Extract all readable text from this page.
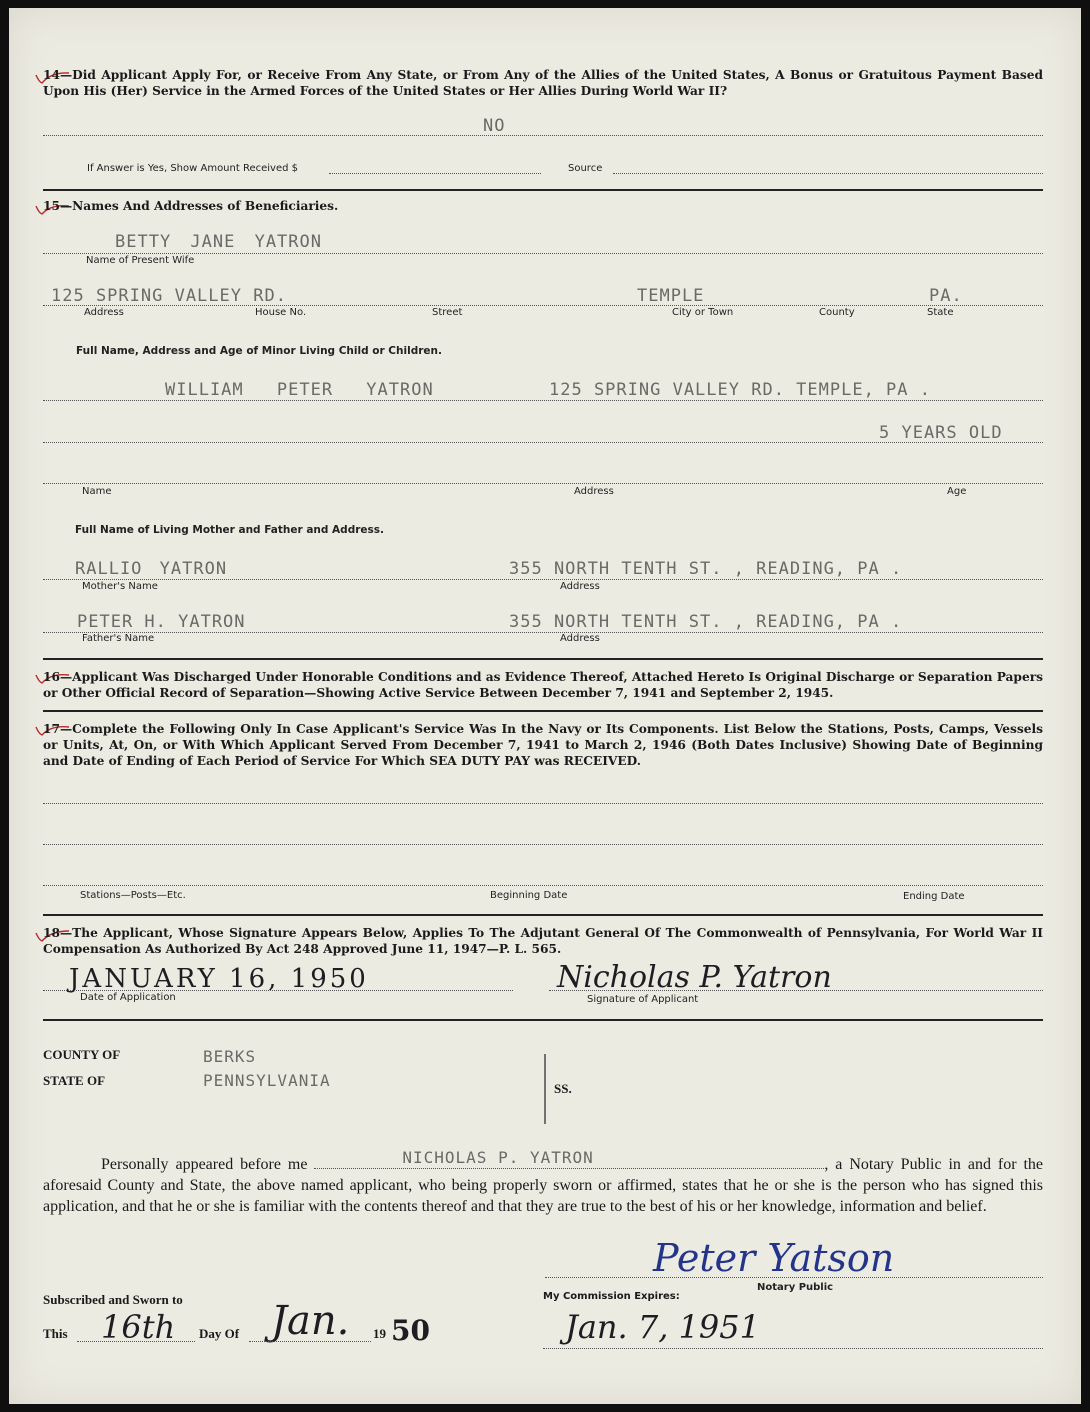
14—Did Applicant Apply For, or Receive From Any State, or From Any of the Allies of the United States, A Bonus or Gratuitous Payment Based Upon His (Her) Service in the Armed Forces of the United States or Her Allies During World War II?
NO
If Answer is Yes, Show Amount Received $	Source
15—Names And Addresses of Beneficiaries.
BETTY JANE YATRON
Name of Present Wife
125 SPRING VALLEY RD.	TEMPLE	PA.
Address	House No.	Street	City or Town	County	State
Full Name, Address and Age of Minor Living Child or Children.
WILLIAM PETER YATRON	125 SPRING VALLEY RD. TEMPLE, PA .
5 YEARS OLD
Name	Address	Age
Full Name of Living Mother and Father and Address.
RALLIO YATRON	355 NORTH TENTH ST. , READING, PA .
Mother's Name	Address
PETER H. YATRON	355 NORTH TENTH ST. , READING, PA .
Father's Name	Address
16—Applicant Was Discharged Under Honorable Conditions and as Evidence Thereof, Attached Hereto Is Original Discharge or Separation Papers or Other Official Record of Separation—Showing Active Service Between December 7, 1941 and September 2, 1945.
17—Complete the Following Only In Case Applicant's Service Was In the Navy or Its Components. List Below the Stations, Posts, Camps, Vessels or Units, At, On, or With Which Applicant Served From December 7, 1941 to March 2, 1946 (Both Dates Inclusive) Showing Date of Beginning and Date of Ending of Each Period of Service For Which SEA DUTY PAY was RECEIVED.
Stations—Posts—Etc.	Beginning Date	Ending Date
18—The Applicant, Whose Signature Appears Below, Applies To The Adjutant General Of The Commonwealth of Pennsylvania, For World War II Compensation As Authorized By Act 248 Approved June 11, 1947—P. L. 565.
JANUARY 16, 1950
Date of Application
Nicholas P. Yatron
Signature of Applicant
COUNTY OF	BERKS
STATE OF	PENNSYLVANIA	SS.
Personally appeared before me	NICHOLAS P. YATRON	, a Notary Public in and for the aforesaid County and State, the above named applicant, who being properly sworn or affirmed, states that he or she is the person who has signed this application, and that he or she is familiar with the contents thereof and that they are true to the best of his or her knowledge, information and belief.
Peter Yatson
Notary Public
Subscribed and Sworn to
This 16th Day Of Jan. 19 50
My Commission Expires:
Jan. 7, 1951
